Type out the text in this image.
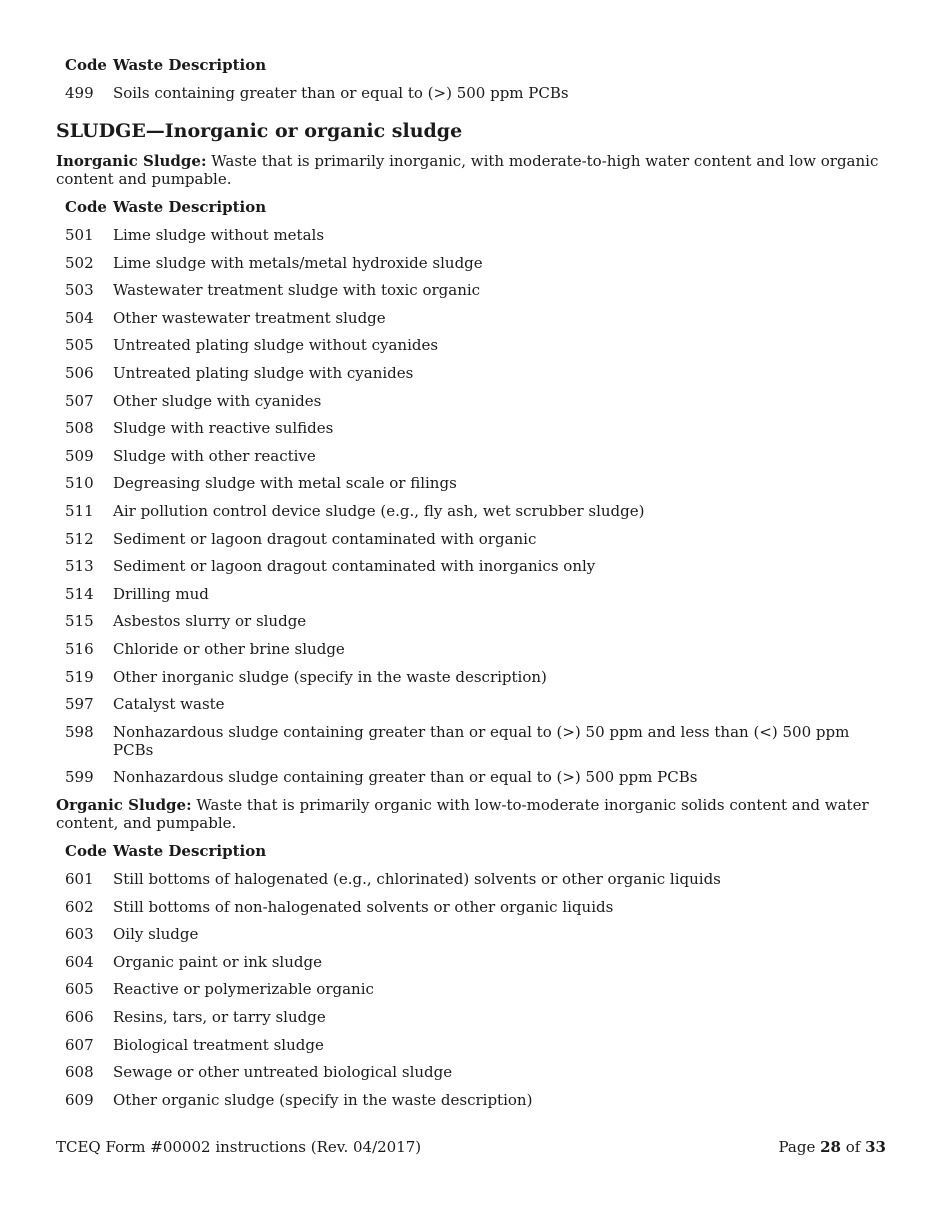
Code Waste Description
499	Soils containing greater than or equal to (>) 500 ppm PCBs
SLUDGE—Inorganic or organic sludge
Inorganic Sludge: Waste that is primarily inorganic, with moderate-to-high water content and low organic content and pumpable.
Code Waste Description
501	Lime sludge without metals
502	Lime sludge with metals/metal hydroxide sludge
503	Wastewater treatment sludge with toxic organic
504	Other wastewater treatment sludge
505	Untreated plating sludge without cyanides
506	Untreated plating sludge with cyanides
507	Other sludge with cyanides
508	Sludge with reactive sulfides
509	Sludge with other reactive
510	Degreasing sludge with metal scale or filings
511	Air pollution control device sludge (e.g., fly ash, wet scrubber sludge)
512	Sediment or lagoon dragout contaminated with organic
513	Sediment or lagoon dragout contaminated with inorganics only
514	Drilling mud
515	Asbestos slurry or sludge
516	Chloride or other brine sludge
519	Other inorganic sludge (specify in the waste description)
597	Catalyst waste
598	Nonhazardous sludge containing greater than or equal to (>) 50 ppm and less than (<) 500 ppm PCBs
599	Nonhazardous sludge containing greater than or equal to (>) 500 ppm PCBs
Organic Sludge: Waste that is primarily organic with low-to-moderate inorganic solids content and water content, and pumpable.
Code Waste Description
601	Still bottoms of halogenated (e.g., chlorinated) solvents or other organic liquids
602	Still bottoms of non-halogenated solvents or other organic liquids
603	Oily sludge
604	Organic paint or ink sludge
605	Reactive or polymerizable organic
606	Resins, tars, or tarry sludge
607	Biological treatment sludge
608	Sewage or other untreated biological sludge
609	Other organic sludge (specify in the waste description)
TCEQ Form #00002 instructions (Rev. 04/2017)	Page 28 of 33
